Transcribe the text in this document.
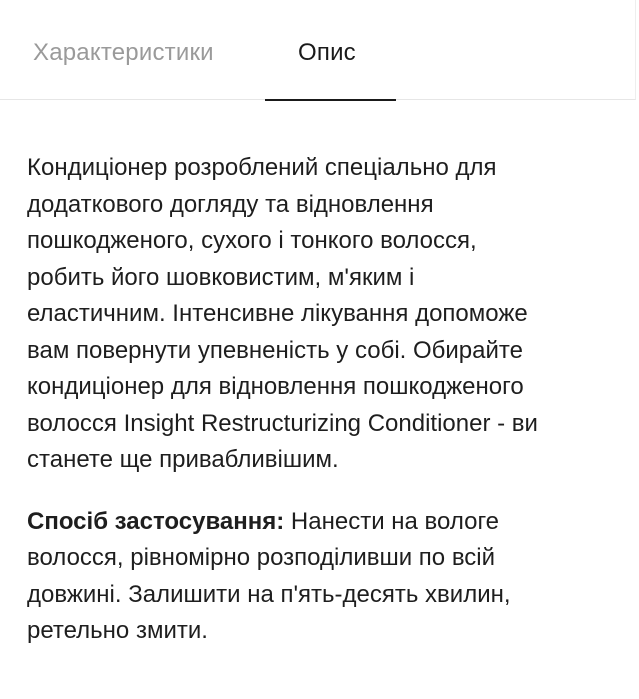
Характеристики	Опис

Кондиціонер розроблений спеціально для
додаткового догляду та відновлення
пошкодженого, сухого і тонкого волосся,
робить його шовковистим, м'яким і
еластичним. Інтенсивне лікування допоможе
вам повернути упевненість у собі. Обирайте
кондиціонер для відновлення пошкодженого
волосся Insight Restructurizing Conditioner - ви
станете ще привабливішим.

Спосіб застосування: Нанести на вологе
волосся, рівномірно розподіливши по всій
довжині. Залишити на п'ять-десять хвилин,
ретельно змити.
